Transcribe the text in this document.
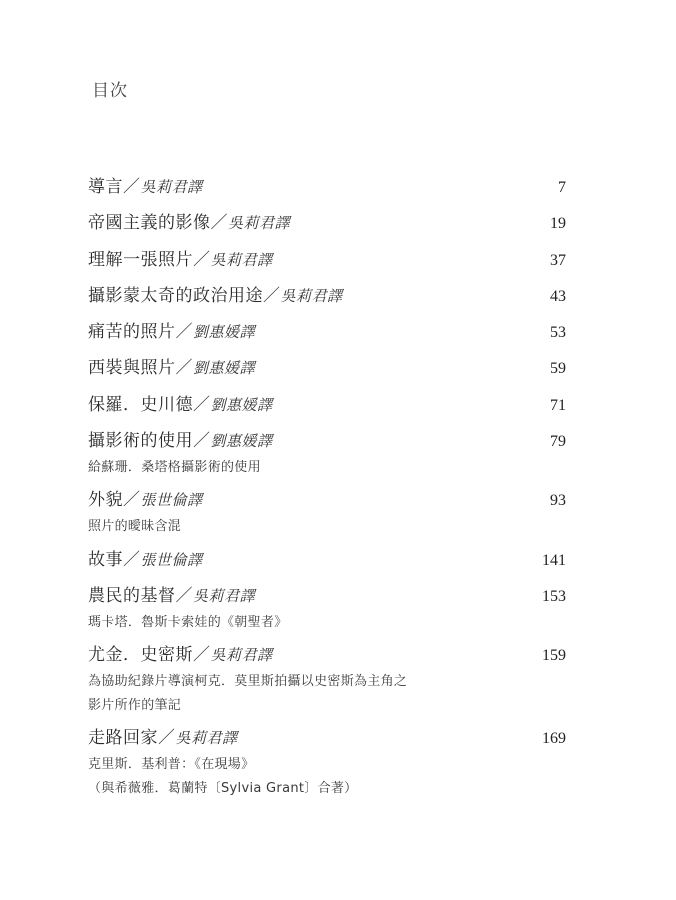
目次
導言／吳莉君譯	7
帝國主義的影像／吳莉君譯	19
理解一張照片／吳莉君譯	37
攝影蒙太奇的政治用途／吳莉君譯	43
痛苦的照片／劉惠媛譯	53
西裝與照片／劉惠媛譯	59
保羅．史川德／劉惠媛譯	71
攝影術的使用／劉惠媛譯	79
給蘇珊．桑塔格攝影術的使用
外貌／張世倫譯	93
照片的曖昧含混
故事／張世倫譯	141
農民的基督／吳莉君譯	153
瑪卡塔．魯斯卡索娃的《朝聖者》
尤金．史密斯／吳莉君譯	159
為協助紀錄片導演柯克．莫里斯拍攝以史密斯為主角之
影片所作的筆記
走路回家／吳莉君譯	169
克里斯．基利普：《在現場》
（與希薇雅．葛蘭特〔Sylvia Grant〕合著）
